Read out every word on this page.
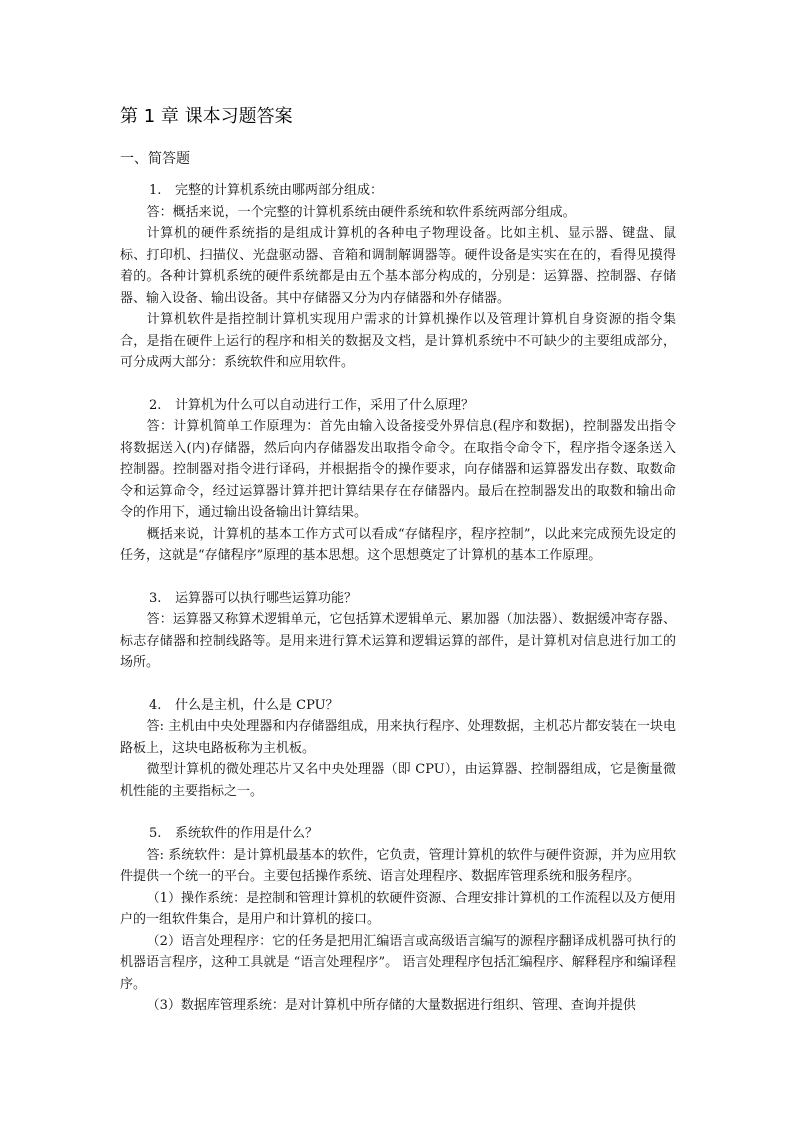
第 1 章 课本习题答案
一、简答题

1. 完整的计算机系统由哪两部分组成：

答：概括来说，一个完整的计算机系统由硬件系统和软件系统两部分组成。

计算机的硬件系统指的是组成计算机的各种电子物理设备。比如主机、显示器、键盘、鼠标、打印机、扫描仪、光盘驱动器、音箱和调制解调器等。硬件设备是实实在在的，看得见摸得着的。各种计算机系统的硬件系统都是由五个基本部分构成的，分别是：运算器、控制器、存储器、输入设备、输出设备。其中存储器又分为内存储器和外存储器。

计算机软件是指控制计算机实现用户需求的计算机操作以及管理计算机自身资源的指令集合，是指在硬件上运行的程序和相关的数据及文档，是计算机系统中不可缺少的主要组成部分，可分成两大部分：系统软件和应用软件。

2. 计算机为什么可以自动进行工作，采用了什么原理？

答：计算机简单工作原理为：首先由输入设备接受外界信息(程序和数据)，控制器发出指令将数据送入(内)存储器，然后向内存储器发出取指令命令。在取指令命令下，程序指令逐条送入控制器。控制器对指令进行译码，并根据指令的操作要求，向存储器和运算器发出存数、取数命令和运算命令，经过运算器计算并把计算结果存在存储器内。最后在控制器发出的取数和输出命令的作用下，通过输出设备输出计算结果。

概括来说，计算机的基本工作方式可以看成“存储程序，程序控制”，以此来完成预先设定的任务，这就是“存储程序”原理的基本思想。这个思想奠定了计算机的基本工作原理。

3. 运算器可以执行哪些运算功能？

答：运算器又称算术逻辑单元，它包括算术逻辑单元、累加器（加法器）、数据缓冲寄存器、标志存储器和控制线路等。是用来进行算术运算和逻辑运算的部件，是计算机对信息进行加工的场所。

4. 什么是主机，什么是 CPU？

答: 主机由中央处理器和内存储器组成，用来执行程序、处理数据，主机芯片都安装在一块电路板上，这块电路板称为主机板。

微型计算机的微处理芯片又名中央处理器（即 CPU），由运算器、控制器组成，它是衡量微机性能的主要指标之一。

5. 系统软件的作用是什么？

答: 系统软件：是计算机最基本的软件，它负责，管理计算机的软件与硬件资源，并为应用软件提供一个统一的平台。主要包括操作系统、语言处理程序、数据库管理系统和服务程序。

（1）操作系统：是控制和管理计算机的软硬件资源、合理安排计算机的工作流程以及方便用户的一组软件集合，是用户和计算机的接口。

（2）语言处理程序：它的任务是把用汇编语言或高级语言编写的源程序翻译成机器可执行的机器语言程序，这种工具就是 “语言处理程序”。 语言处理程序包括汇编程序、解释程序和编译程序。

（3）数据库管理系统：是对计算机中所存储的大量数据进行组织、管理、查询并提供
